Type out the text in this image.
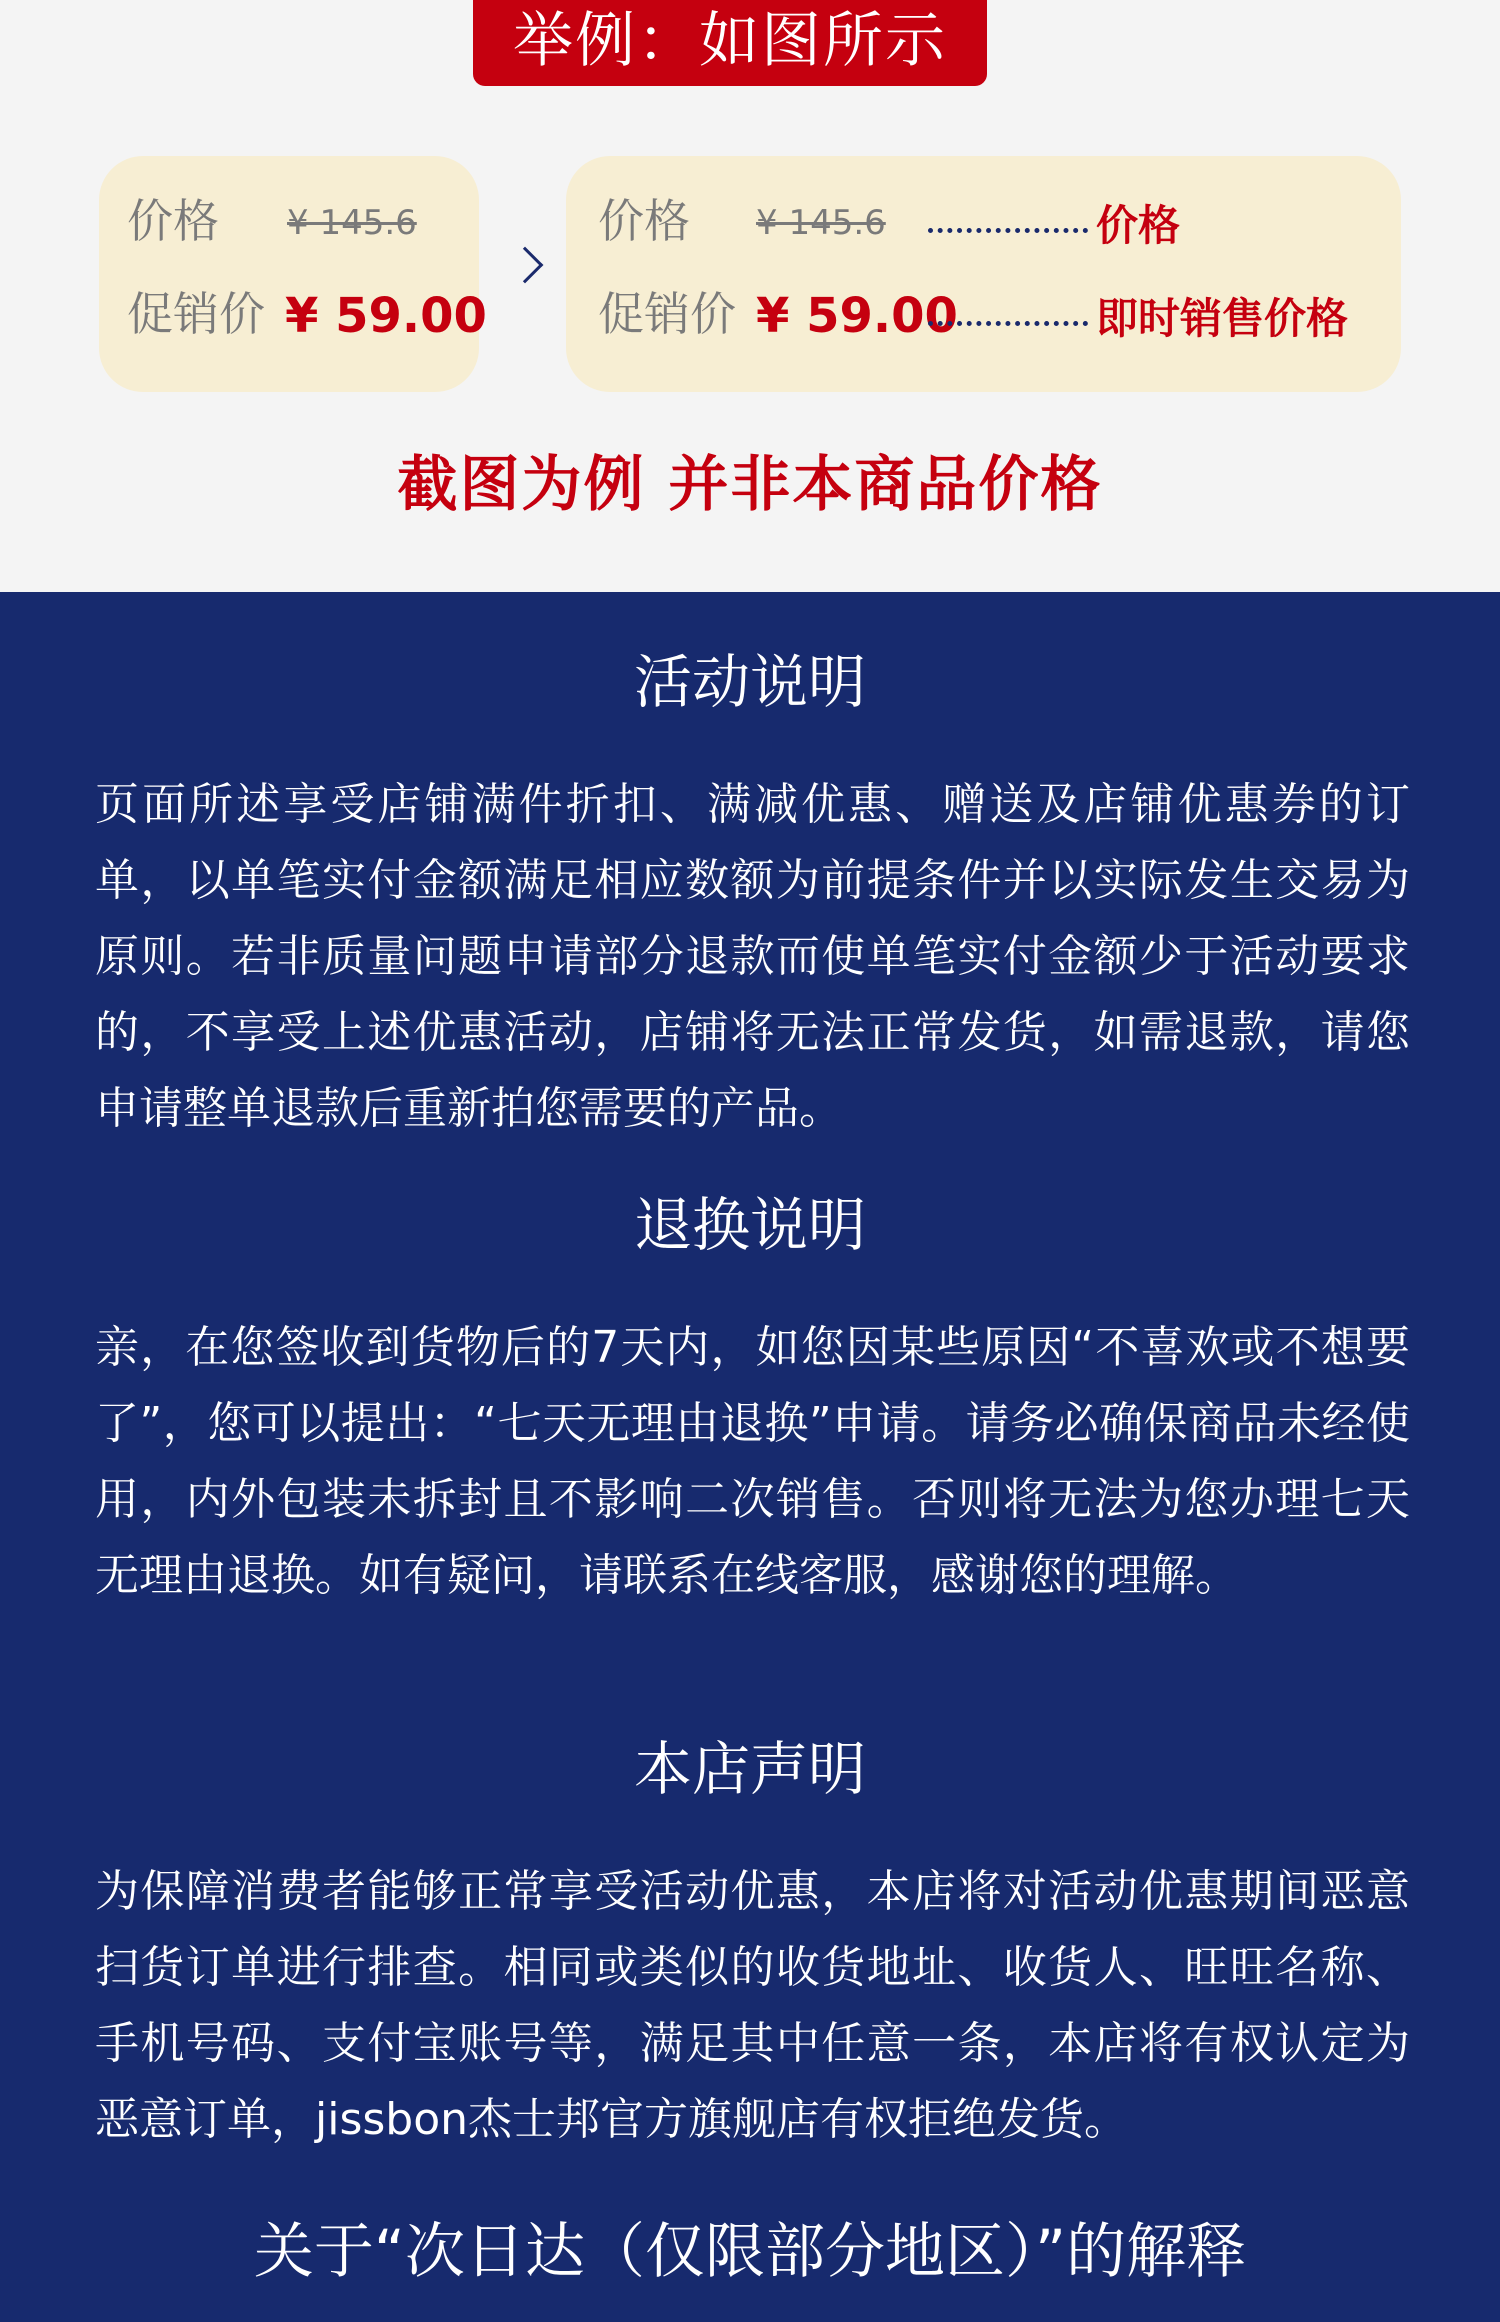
举例：如图所示
价格 ¥ 145.6
促销价 ¥ 59.00
价格 ¥ 145.6	价格
促销价 ¥ 59.00	即时销售价格
截图为例 并非本商品价格
活动说明
页面所述享受店铺满件折扣、满减优惠、赠送及店铺优惠券的订单，以单笔实付金额满足相应数额为前提条件并以实际发生交易为原则。若非质量问题申请部分退款而使单笔实付金额少于活动要求的，不享受上述优惠活动，店铺将无法正常发货，如需退款，请您申请整单退款后重新拍您需要的产品。
退换说明
亲，在您签收到货物后的7天内，如您因某些原因“不喜欢或不想要了”，您可以提出：“七天无理由退换”申请。请务必确保商品未经使用，内外包装未拆封且不影响二次销售。否则将无法为您办理七天无理由退换。如有疑问，请联系在线客服，感谢您的理解。
本店声明
为保障消费者能够正常享受活动优惠，本店将对活动优惠期间恶意扫货订单进行排查。相同或类似的收货地址、收货人、旺旺名称、手机号码、支付宝账号等，满足其中任意一条，本店将有权认定为恶意订单，jissbon杰士邦官方旗舰店有权拒绝发货。
关于“次日达（仅限部分地区）”的解释
